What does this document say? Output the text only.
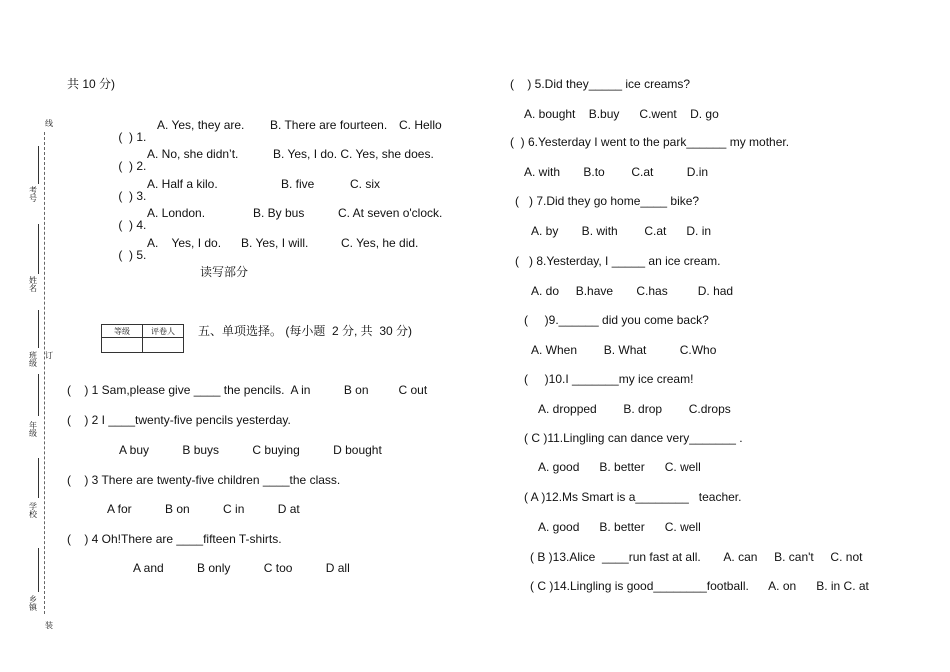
共 10 分)
线
考号
姓名
订
班级
年级
学校
乡镇
装

(  ) 1.

A. Yes, they are.

B. There are fourteen.

C. Hello

(  ) 2.

A. No, she didn’t.

	B. Yes, I do. C. Yes, she does.

(  ) 3.

A. Half a kilo.

	B. five

	C. six

(  ) 4.

A. London.

	B. By bus

	C. At seven o'clock.

(  ) 5.

A.    Yes, I do.

B. Yes, I will.

	C. Yes, he did.

读写部分
等级	评卷人
	五、单项选择。 (每小题  2 分, 共  30 分)
(    ) 1 Sam,please give ____ the pencils.  A in          B on         C out
(    ) 2 I ____twenty-five pencils yesterday.
A buy          B buys          C buying          D bought
(    ) 3 There are twenty-five children ____the class.
A for          B on          C in          D at
(    ) 4 Oh!There are ____fifteen T-shirts.
A and          B only          C too          D all
(    ) 5.Did they_____ ice creams?
A. bought    B.buy      C.went    D. go
(  ) 6.Yesterday I went to the park______ my mother.
A. with       B.to        C.at          D.in
(   ) 7.Did they go home____ bike?
A. by       B. with        C.at      D. in
(   ) 8.Yesterday, I _____ an ice cream.
A. do     B.have       C.has         D. had
(     )9.______ did you come back?
A. When        B. What          C.Who
(     )10.I _______my ice cream!
A. dropped        B. drop        C.drops
( C )11.Lingling can dance very_______ .
A. good      B. better      C. well
( A )12.Ms Smart is a________   teacher.
A. good      B. better      C. well
( B )13.Alice  ____run fast at all.       A. can     B. can't     C. not
( C )14.Lingling is good________football.      A. on      B. in C. at
